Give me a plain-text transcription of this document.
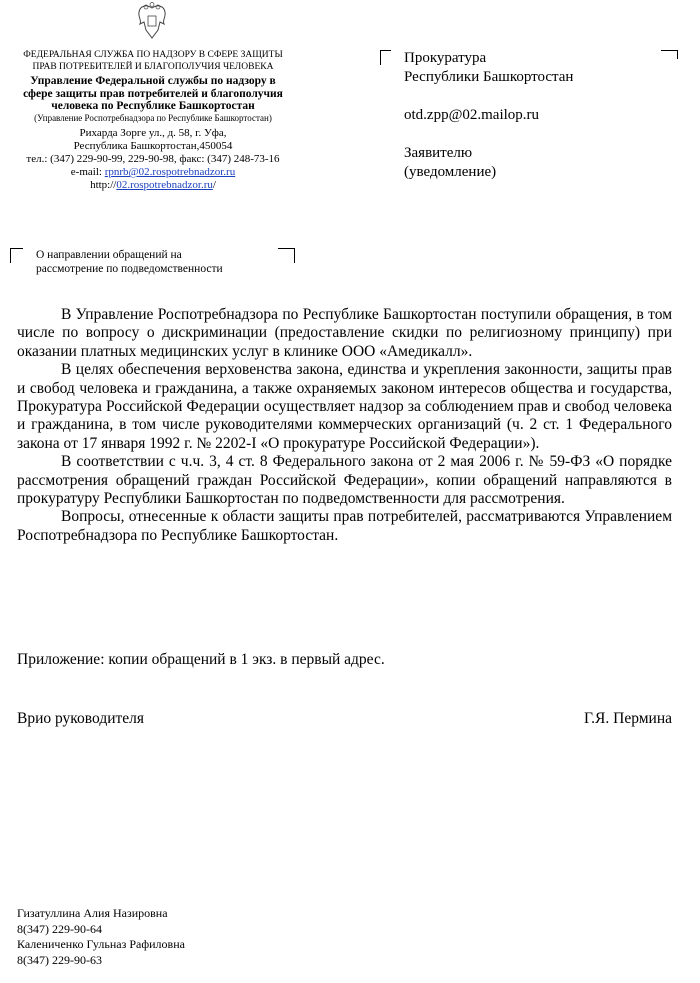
ФЕДЕРАЛЬНАЯ СЛУЖБА ПО НАДЗОРУ В СФЕРЕ ЗАЩИТЫ
ПРАВ ПОТРЕБИТЕЛЕЙ И БЛАГОПОЛУЧИЯ ЧЕЛОВЕКА
Управление Федеральной службы по надзору в
сфере защиты прав потребителей и благополучия
человека по Республике Башкортостан
(Управление Роспотребнадзора по Республике Башкортостан)
Рихарда Зорге ул., д. 58, г. Уфа,
Республика Башкортостан,450054
тел.: (347) 229-90-99, 229-90-98, факс: (347) 248-73-16
e-mail: rpnrb@02.rospotrebnadzor.ru
http://02.rospotrebnadzor.ru/
Прокуратура
Республики Башкортостан
otd.zpp@02.mailop.ru
Заявителю
(уведомление)
О направлении обращений на
рассмотрение по подведомственности

В Управление Роспотребнадзора по Республике Башкортостан поступили обращения, в том числе по вопросу о дискриминации (предоставление скидки по религиозному принципу) при оказании платных медицинских услуг в клинике ООО «Амедикалл».

В целях обеспечения верховенства закона, единства и укрепления законности, защиты прав и свобод человека и гражданина, а также охраняемых законом интересов общества и государства, Прокуратура Российской Федерации осуществляет надзор за соблюдением прав и свобод человека и гражданина, в том числе руководителями коммерческих организаций (ч. 2 ст. 1 Федерального закона от 17 января 1992 г. № 2202-I «О прокуратуре Российской Федерации»).

В соответствии с ч.ч. 3, 4 ст. 8 Федерального закона от 2 мая 2006 г. № 59-ФЗ «О порядке рассмотрения обращений граждан Российской Федерации», копии обращений направляются в прокуратуру Республики Башкортостан по подведомственности для рассмотрения.

Вопросы, отнесенные к области защиты прав потребителей, рассматриваются Управлением Роспотребнадзора по Республике Башкортостан.

Приложение: копии обращений в 1 экз. в первый адрес.
Врио руководителя	Г.Я. Пермина
Гизатуллина Алия Назировна
8(347) 229-90-64
Калениченко Гульназ Рафиловна
8(347) 229-90-63
